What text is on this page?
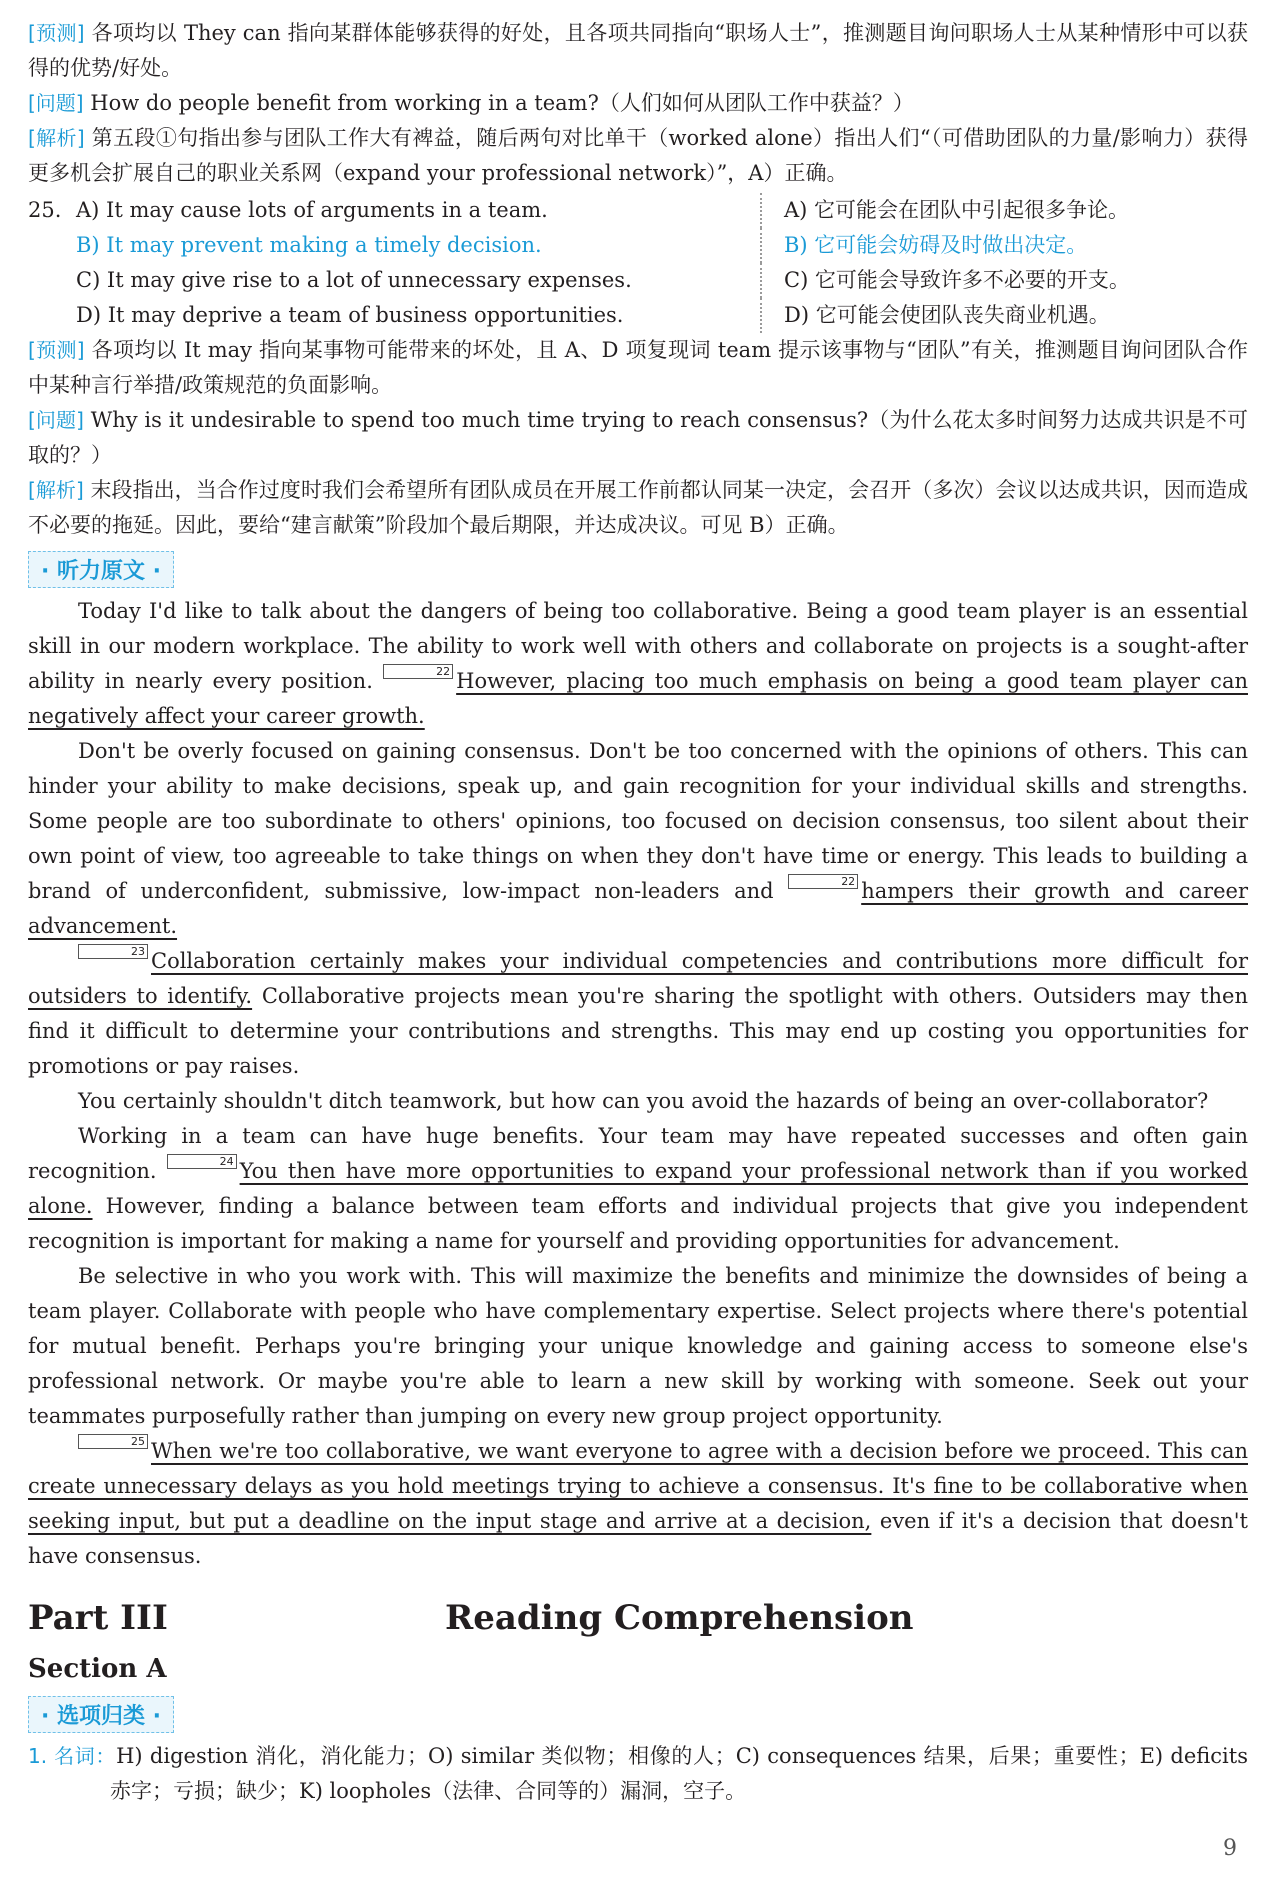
[预测] 各项均以 They can 指向某群体能够获得的好处，且各项共同指向“职场人士”，推测题目询问职场人士从某种情形中可以获得的优势/好处。

[问题] How do people benefit from working in a team?（人们如何从团队工作中获益？）

[解析] 第五段①句指出参与团队工作大有裨益，随后两句对比单干（worked alone）指出人们“（可借助团队的力量/影响力）获得更多机会扩展自己的职业关系网（expand your professional network）”，A）正确。

25. A) It may cause lots of arguments in a team.	A) 它可能会在团队中引起很多争论。
B) It may prevent making a timely decision.	B) 它可能会妨碍及时做出决定。
C) It may give rise to a lot of unnecessary expenses.	C) 它可能会导致许多不必要的开支。
D) It may deprive a team of business opportunities.	D) 它可能会使团队丧失商业机遇。

[预测] 各项均以 It may 指向某事物可能带来的坏处，且 A、D 项复现词 team 提示该事物与“团队”有关，推测题目询问团队合作中某种言行举措/政策规范的负面影响。

[问题] Why is it undesirable to spend too much time trying to reach consensus?（为什么花太多时间努力达成共识是不可取的？）

[解析] 末段指出，当合作过度时我们会希望所有团队成员在开展工作前都认同某一决定，会召开（多次）会议以达成共识，因而造成不必要的拖延。因此，要给“建言献策”阶段加个最后期限，并达成决议。可见 B）正确。

· 听力原文 ·

Today I'd like to talk about the dangers of being too collaborative. Being a good team player is an essential skill in our modern workplace. The ability to work well with others and collaborate on projects is a sought-after ability in nearly every position.	22 However, placing too much emphasis on being a good team player can negatively affect your career growth.

Don't be overly focused on gaining consensus. Don't be too concerned with the opinions of others. This can hinder your ability to make decisions, speak up, and gain recognition for your individual skills and strengths. Some people are too subordinate to others' opinions, too focused on decision consensus, too silent about their own point of view, too agreeable to take things on when they don't have time or energy. This leads to building a brand of underconfident, submissive, low-impact non-leaders and	22 hampers their growth and career advancement.

23 Collaboration certainly makes your individual competencies and contributions more difficult for outsiders to identify. Collaborative projects mean you're sharing the spotlight with others. Outsiders may then find it difficult to determine your contributions and strengths. This may end up costing you opportunities for promotions or pay raises.

You certainly shouldn't ditch teamwork, but how can you avoid the hazards of being an over-collaborator?

Working in a team can have huge benefits. Your team may have repeated successes and often gain recognition.	24 You then have more opportunities to expand your professional network than if you worked alone. However, finding a balance between team efforts and individual projects that give you independent recognition is important for making a name for yourself and providing opportunities for advancement.

Be selective in who you work with. This will maximize the benefits and minimize the downsides of being a team player. Collaborate with people who have complementary expertise. Select projects where there's potential for mutual benefit. Perhaps you're bringing your unique knowledge and gaining access to someone else's professional network. Or maybe you're able to learn a new skill by working with someone. Seek out your teammates purposefully rather than jumping on every new group project opportunity.

25 When we're too collaborative, we want everyone to agree with a decision before we proceed. This can create unnecessary delays as you hold meetings trying to achieve a consensus. It's fine to be collaborative when seeking input, but put a deadline on the input stage and arrive at a decision, even if it's a decision that doesn't have consensus.

Part III	Reading Comprehension

Section A

· 选项归类 ·

1. 名词：H) digestion 消化，消化能力；O) similar 类似物；相像的人；C) consequences 结果，后果；重要性；E) deficits 赤字；亏损；缺少；K) loopholes（法律、合同等的）漏洞，空子。

9
